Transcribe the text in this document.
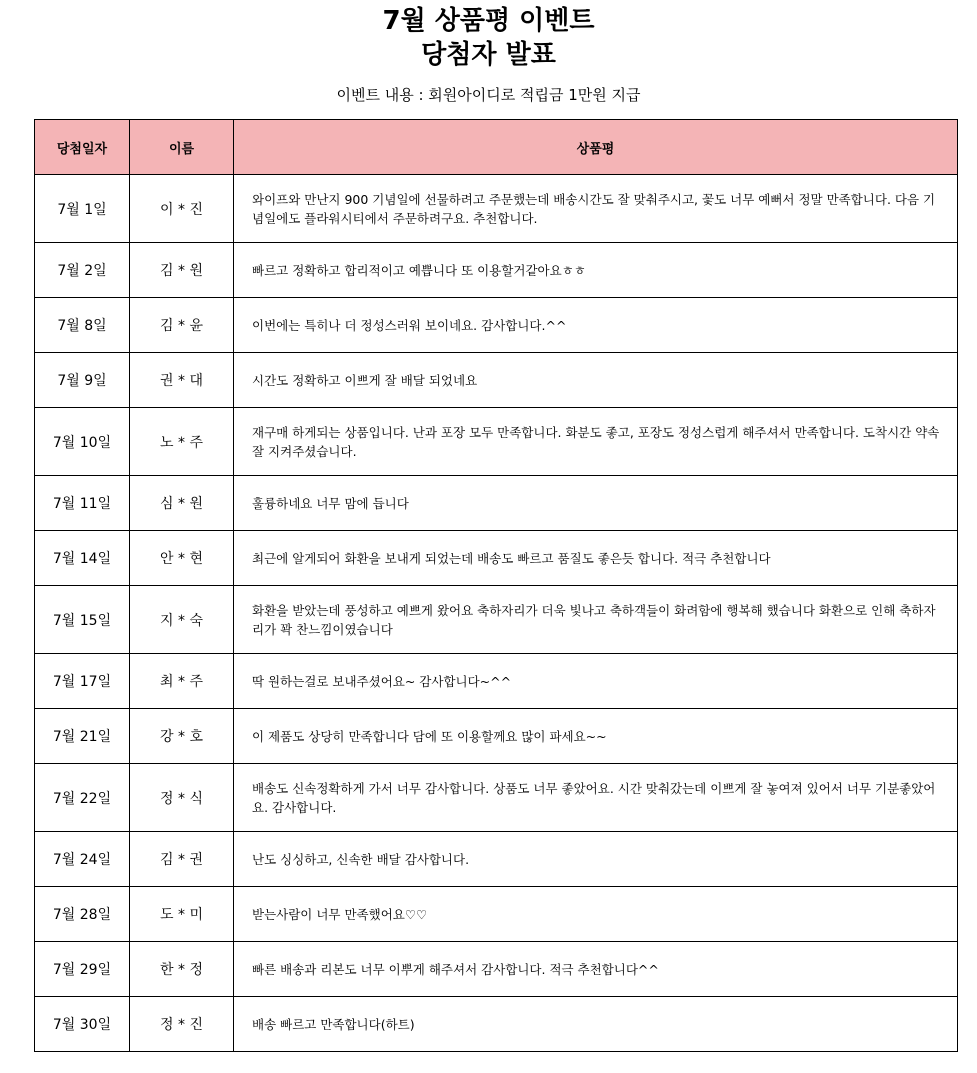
7월 상품평 이벤트
당첨자 발표
이벤트 내용 : 회원아이디로 적립금 1만원 지급
당첨일자	이름	상품평
7월 1일	이 * 진	와이프와 만난지 900 기념일에 선물하려고 주문했는데 배송시간도 잘 맞춰주시고, 꽃도 너무 예뻐서 정말 만족합니다. 다음 기념일에도 플라워시티에서 주문하려구요. 추천합니다.
7월 2일	김 * 원	빠르고 정확하고 합리적이고 예쁩니다 또 이용할거같아요ㅎㅎ
7월 8일	김 * 윤	이번에는 특히나 더 정성스러워 보이네요. 감사합니다.^^
7월 9일	권 * 대	시간도 정확하고 이쁘게 잘 배달 되었네요
7월 10일	노 * 주	재구매 하게되는 상품입니다. 난과 포장 모두 만족합니다. 화분도 좋고, 포장도 정성스럽게 해주셔서 만족합니다. 도착시간 약속 잘 지켜주셨습니다.
7월 11일	심 * 원	훌륭하네요 너무 맘에 듭니다
7월 14일	안 * 현	최근에 알게되어 화환을 보내게 되었는데 배송도 빠르고 품질도 좋은듯 합니다. 적극 추천합니다
7월 15일	지 * 숙	화환을 받았는데 풍성하고 예쁘게 왔어요 축하자리가 더욱 빛나고 축하객들이 화려함에 행복해 했습니다 화환으로 인해 축하자리가 꽉 찬느낌이였습니다
7월 17일	최 * 주	딱 원하는걸로 보내주셨어요~ 감사합니다~^^
7월 21일	강 * 호	이 제품도 상당히 만족합니다 담에 또 이용할께요 많이 파세요~~
7월 22일	정 * 식	배송도 신속정확하게 가서 너무 감사합니다. 상품도 너무 좋았어요. 시간 맞춰갔는데 이쁘게 잘 놓여져 있어서 너무 기분좋았어요. 감사합니다.
7월 24일	김 * 권	난도 싱싱하고, 신속한 배달 감사합니다.
7월 28일	도 * 미	받는사람이 너무 만족했어요♡♡
7월 29일	한 * 정	빠른 배송과 리본도 너무 이뿌게 해주셔서 감사합니다. 적극 추천합니다^^
7월 30일	정 * 진	배송 빠르고 만족합니다(하트)
